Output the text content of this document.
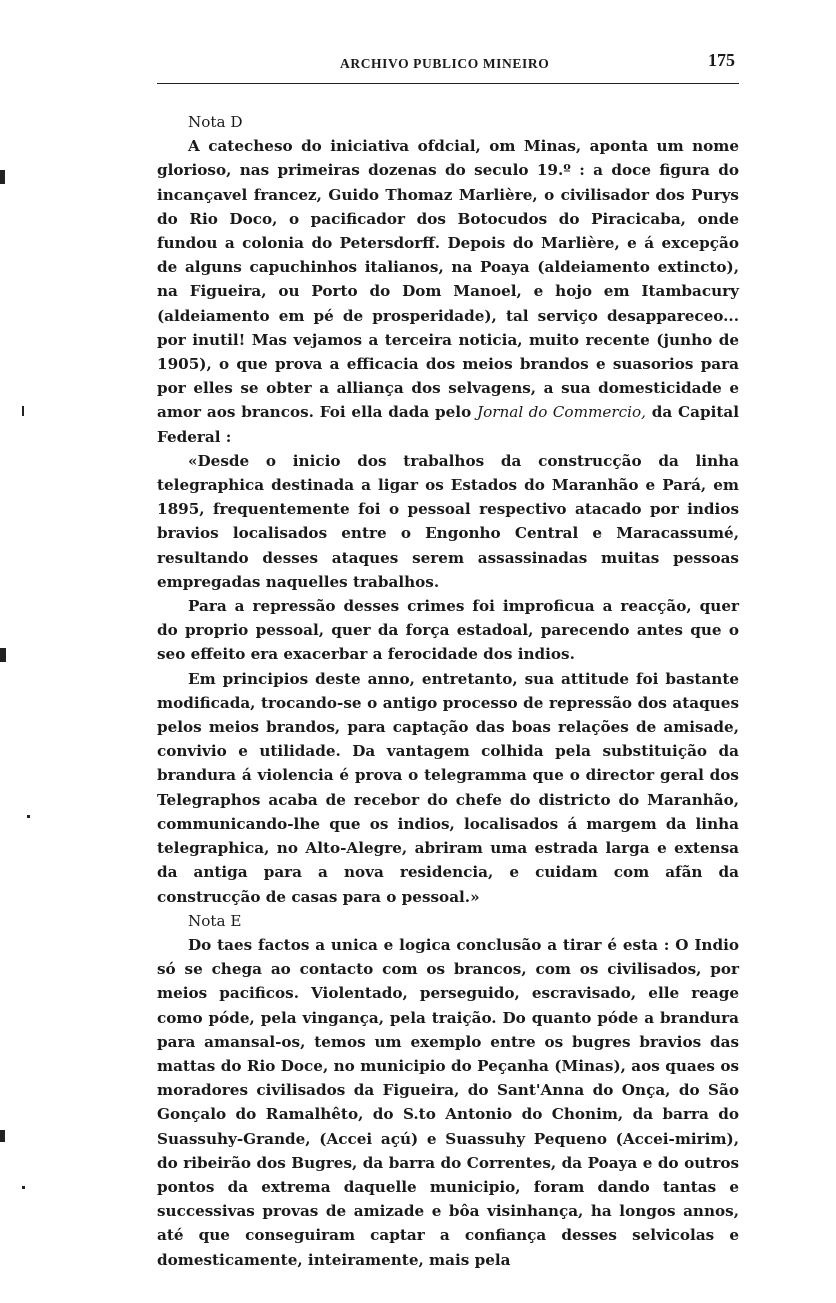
ARCHIVO PUBLICO MINEIRO	175

Nota D

A catecheso do iniciativa ofdcial, om Minas, aponta um nome glorioso, nas primeiras dozenas do seculo 19.º : a doce figura do incançavel francez, Guido Thomaz Marlière, o civilisador dos Purys do Rio Doco, o pacificador dos Botocudos do Piracicaba, onde fundou a colonia do Petersdorff. Depois do Marlière, e á excepção de alguns capuchinhos italianos, na Poaya (aldeiamento extincto), na Figueira, ou Porto do Dom Manoel, e hojo em Itambacury (aldeiamento em pé de prosperidade), tal serviço desappareceo... por inutil! Mas vejamos a terceira noticia, muito recente (junho de 1905), o que prova a efficacia dos meios brandos e suasorios para por elles se obter a alliança dos selvagens, a sua domesticidade e amor aos brancos. Foi ella dada pelo Jornal do Commercio, da Capital Federal :

«Desde o inicio dos trabalhos da construcção da linha telegraphica destinada a ligar os Estados do Maranhão e Pará, em 1895, frequentemente foi o pessoal respectivo atacado por indios bravios localisados entre o Engonho Central e Maracassumé, resultando desses ataques serem assassinadas muitas pessoas empregadas naquelles trabalhos.

Para a repressão desses crimes foi improficua a reacção, quer do proprio pessoal, quer da força estadoal, parecendo antes que o seo effeito era exacerbar a ferocidade dos indios.

Em principios deste anno, entretanto, sua attitude foi bastante modificada, trocando-se o antigo processo de repressão dos ataques pelos meios brandos, para captação das boas relações de amisade, convivio e utilidade. Da vantagem colhida pela substituição da brandura á violencia é prova o telegramma que o director geral dos Telegraphos acaba de recebor do chefe do districto do Maranhão, communicando-lhe que os indios, localisados á margem da linha telegraphica, no Alto-Alegre, abriram uma estrada larga e extensa da antiga para a nova residencia, e cuidam com afãn da construcção de casas para o pessoal.»

Nota E

Do taes factos a unica e logica conclusão a tirar é esta : O Indio só se chega ao contacto com os brancos, com os civilisados, por meios pacificos. Violentado, perseguido, escravisado, elle reage como póde, pela vingança, pela traição. Do quanto póde a brandura para amansal-os, temos um exemplo entre os bugres bravios das mattas do Rio Doce, no municipio do Peçanha (Minas), aos quaes os moradores civilisados da Figueira, do Sant'Anna do Onça, do São Gonçalo do Ramalhêto, do S.to Antonio do Chonim, da barra do Suassuhy-Grande, (Accei açú) e Suassuhy Pequeno (Accei-mirim), do ribeirão dos Bugres, da barra do Correntes, da Poaya e do outros pontos da extrema daquelle municipio, foram dando tantas e successivas provas de amizade e bôa visinhança, ha longos annos, até que conseguiram captar a confiança desses selvicolas e domesticamente, inteiramente, mais pela
